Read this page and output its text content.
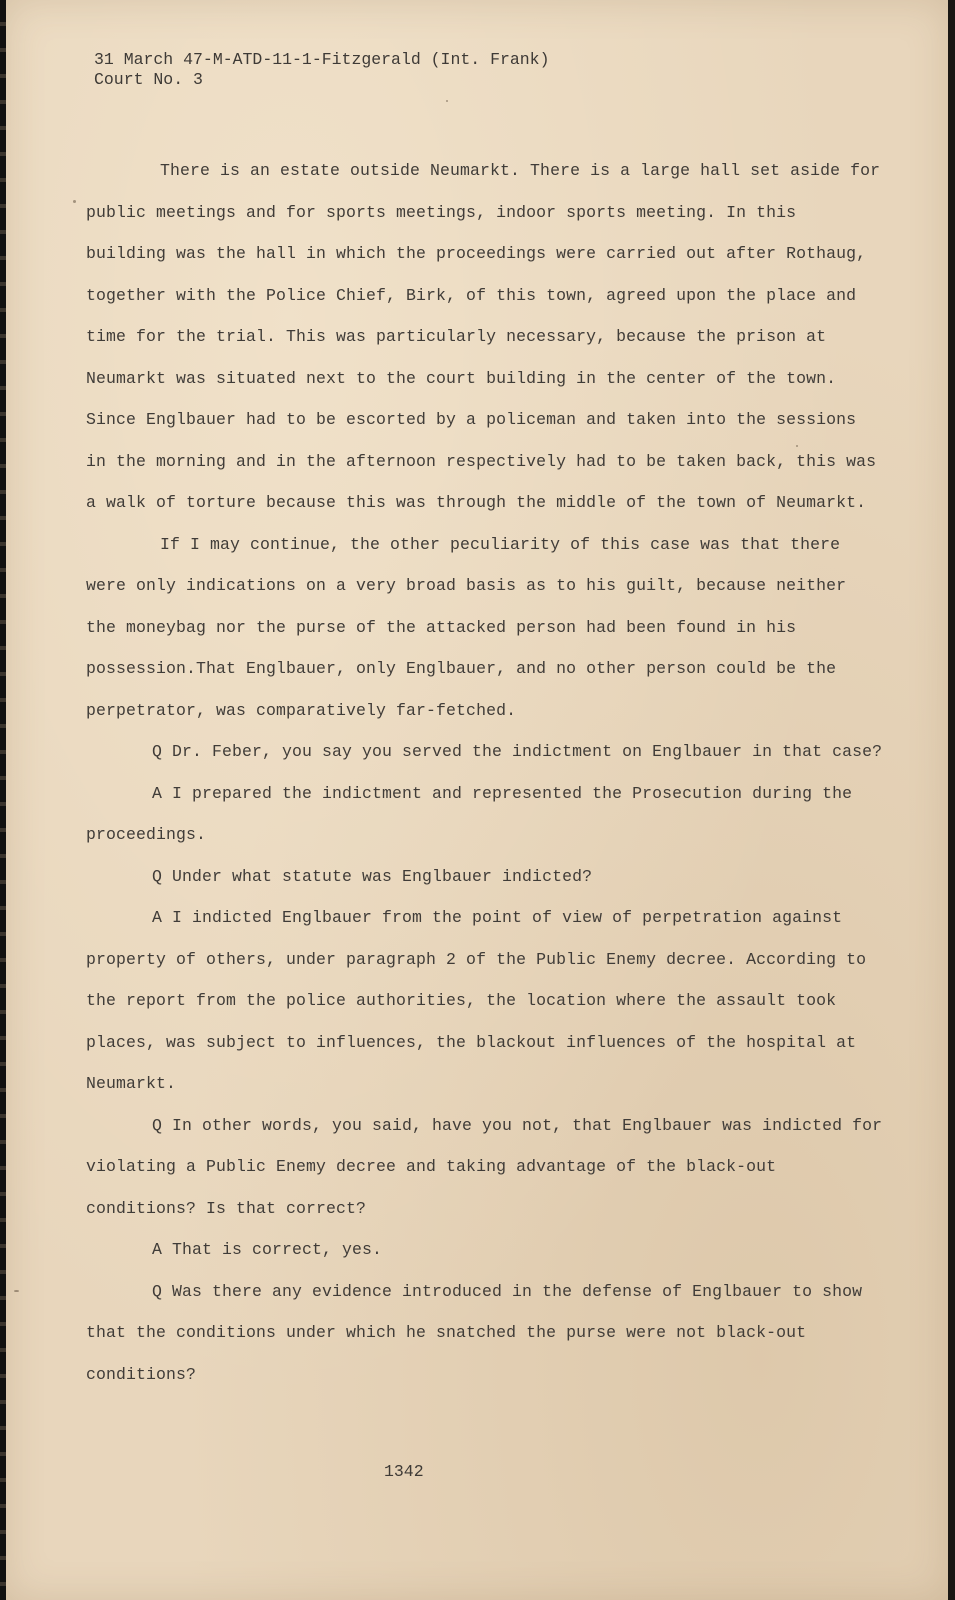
31 March 47-M-ATD-11-1-Fitzgerald (Int. Frank)
Court No. 3

There is an estate outside Neumarkt. There is a large hall set aside for public meetings and for sports meetings, indoor sports meeting. In this building was the hall in which the proceedings were carried out after Rothaug, together with the Police Chief, Birk, of this town, agreed upon the place and time for the trial. This was particularly necessary, because the prison at Neumarkt was situated next to the court building in the center of the town. Since Englbauer had to be escorted by a policeman and taken into the sessions in the morning and in the afternoon respectively had to be taken back, this was a walk of torture because this was through the middle of the town of Neumarkt.

If I may continue, the other peculiarity of this case was that there were only indications on a very broad basis as to his guilt, because neither the moneybag nor the purse of the attacked person had been found in his possession.That Englbauer, only Englbauer, and no other person could be the perpetrator, was comparatively far-fetched.

Q Dr. Feber, you say you served the indictment on Englbauer in that case?

A I prepared the indictment and represented the Prosecution during the proceedings.

Q Under what statute was Englbauer indicted?

A I indicted Englbauer from the point of view of perpetration against property of others, under paragraph 2 of the Public Enemy decree. According to the report from the police authorities, the location where the assault took places, was subject to influences, the blackout influences of the hospital at Neumarkt.

Q In other words, you said, have you not, that Englbauer was indicted for violating a Public Enemy decree and taking advantage of the black-out conditions? Is that correct?

A That is correct, yes.

Q Was there any evidence introduced in the defense of Englbauer to show that the conditions under which he snatched the purse were not black-out conditions?

1342
